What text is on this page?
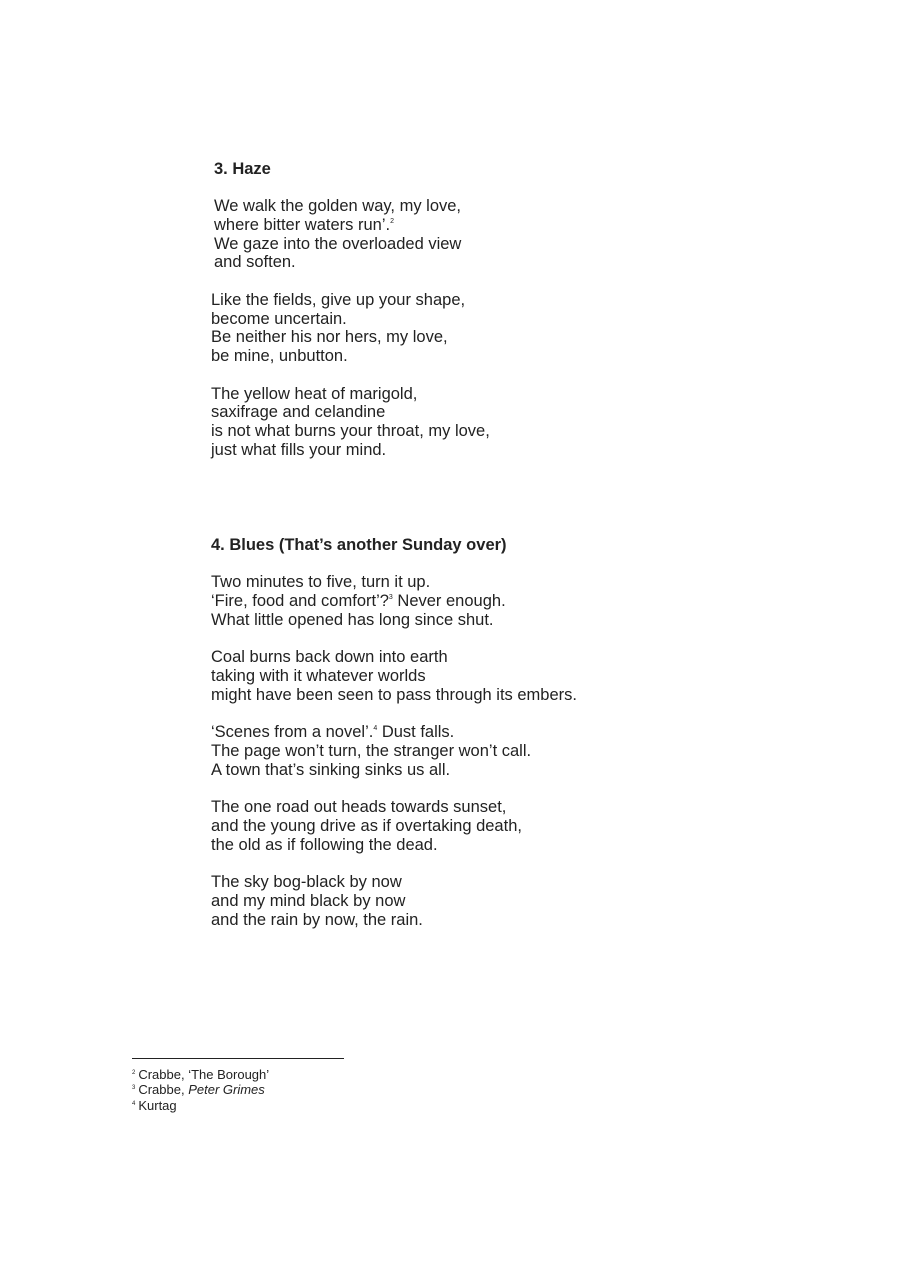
3. Haze
We walk the golden way, my love,
where bitter waters run’.$^2$
We gaze into the overloaded view
and soften.
Like the fields, give up your shape,
become uncertain.
Be neither his nor hers, my love,
be mine, unbutton.
The yellow heat of marigold,
saxifrage and celandine
is not what burns your throat, my love,
just what fills your mind.
4. Blues (That’s another Sunday over)
Two minutes to five, turn it up.
‘Fire, food and comfort’?$^3$ Never enough.
What little opened has long since shut.
Coal burns back down into earth
taking with it whatever worlds
might have been seen to pass through its embers.
‘Scenes from a novel’.$^4$ Dust falls.
The page won’t turn, the stranger won’t call.
A town that’s sinking sinks us all.
The one road out heads towards sunset,
and the young drive as if overtaking death,
the old as if following the dead.
The sky bog-black by now
and my mind black by now
and the rain by now, the rain.
$^2$ Crabbe, ‘The Borough’
$^3$ Crabbe, Peter Grimes
$^4$ Kurtag
